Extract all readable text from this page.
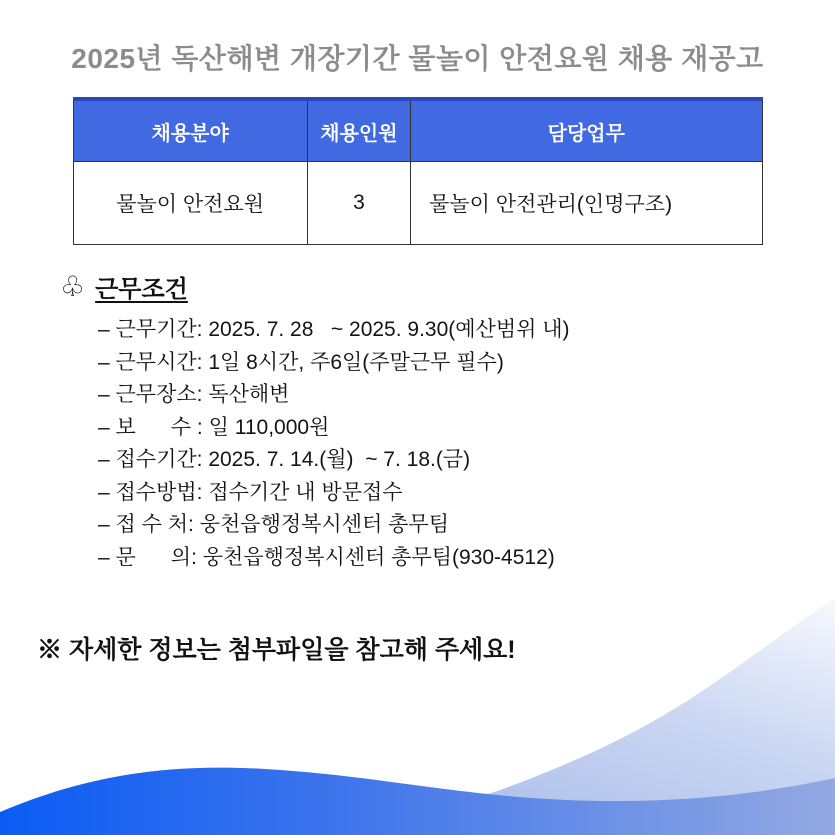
2025년 독산해변 개장기간 물놀이 안전요원 채용 재공고
채용분야	채용인원	담당업무
물놀이 안전요원	3	물놀이 안전관리(인명구조)
♧ 근무조건
– 근무기간: 2025. 7. 28   ~ 2025. 9.30(예산범위 내)
– 근무시간: 1일 8시간, 주6일(주말근무 필수)
– 근무장소: 독산해변
– 보      수 : 일 110,000원
– 접수기간: 2025. 7. 14.(월)  ~ 7. 18.(금)
– 접수방법: 접수기간 내 방문접수
– 접 수 처: 웅천읍행정복시센터 총무팀
– 문      의: 웅천읍행정복시센터 총무팀(930-4512)

※ 자세한 정보는 첨부파일을 참고해 주세요!
